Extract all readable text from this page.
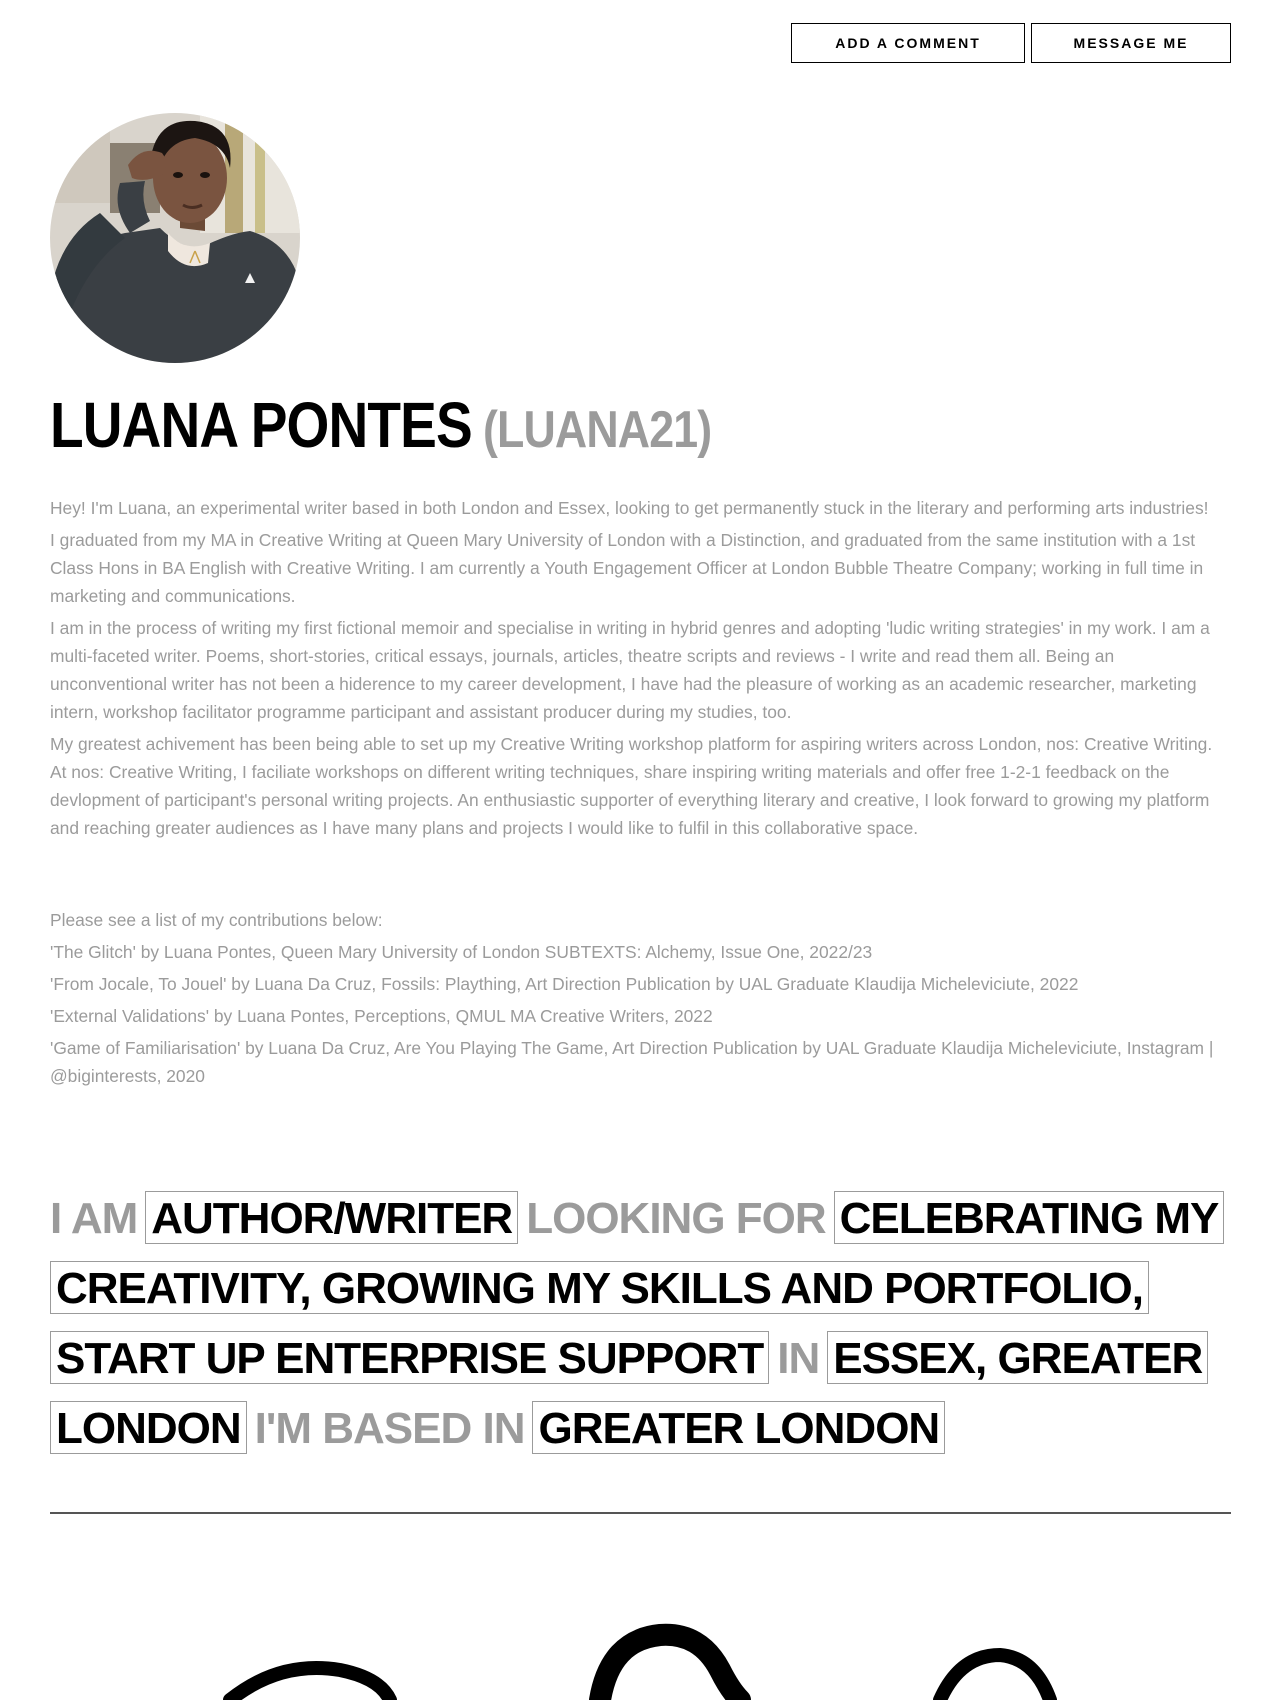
ADD A COMMENT	MESSAGE ME
LUANA PONTES (LUANA21)

Hey! I'm Luana, an experimental writer based in both London and Essex, looking to get permanently stuck in the literary and performing arts industries!

I graduated from my MA in Creative Writing at Queen Mary University of London with a Distinction, and graduated from the same institution with a 1st Class Hons in BA English with Creative Writing. I am currently a Youth Engagement Officer at London Bubble Theatre Company; working in full time in marketing and communications.

I am in the process of writing my first fictional memoir and specialise in writing in hybrid genres and adopting 'ludic writing strategies' in my work. I am a multi-faceted writer. Poems, short-stories, critical essays, journals, articles, theatre scripts and reviews - I write and read them all. Being an unconventional writer has not been a hiderence to my career development, I have had the pleasure of working as an academic researcher, marketing intern, workshop facilitator programme participant and assistant producer during my studies, too.

My greatest achivement has been being able to set up my Creative Writing workshop platform for aspiring writers across London, nos: Creative Writing. At nos: Creative Writing, I faciliate workshops on different writing techniques, share inspiring writing materials and offer free 1-2-1 feedback on the devlopment of participant's personal writing projects. An enthusiastic supporter of everything literary and creative, I look forward to growing my platform and reaching greater audiences as I have many plans and projects I would like to fulfil in this collaborative space.

Please see a list of my contributions below:

'The Glitch' by Luana Pontes, Queen Mary University of London SUBTEXTS: Alchemy, Issue One, 2022/23

'From Jocale, To Jouel' by Luana Da Cruz, Fossils: Plaything, Art Direction Publication by UAL Graduate Klaudija Micheleviciute, 2022

'External Validations' by Luana Pontes, Perceptions, QMUL MA Creative Writers, 2022

'Game of Familiarisation' by Luana Da Cruz, Are You Playing The Game, Art Direction Publication by UAL Graduate Klaudija Micheleviciute, Instagram | @biginterests, 2020

I AM AUTHOR/WRITER LOOKING FOR CELEBRATING MY CREATIVITY, GROWING MY SKILLS AND PORTFOLIO, START UP ENTERPRISE SUPPORT IN ESSEX, GREATER LONDON I'M BASED IN GREATER LONDON
